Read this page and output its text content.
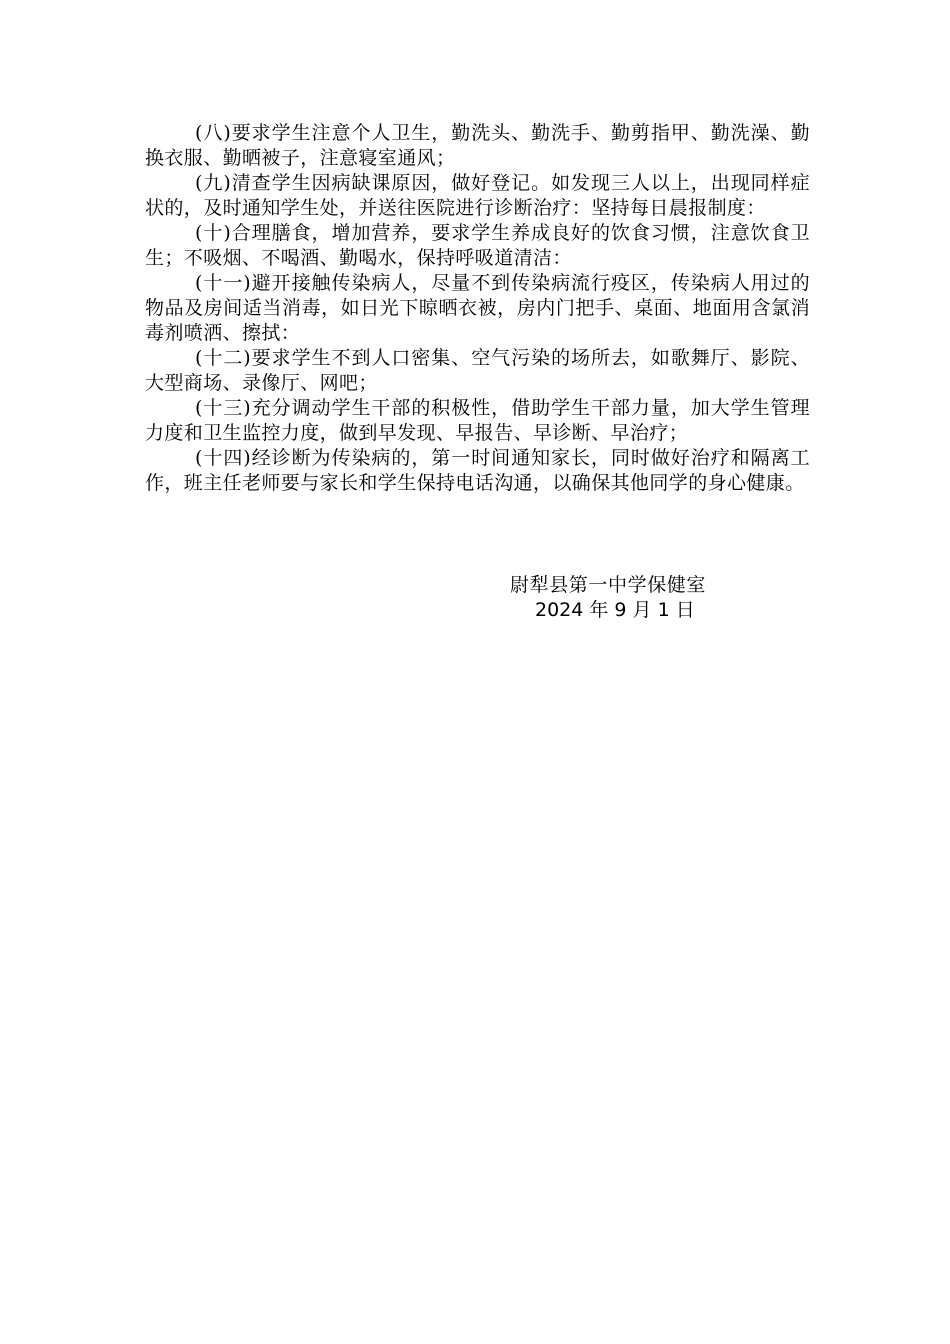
(八)要求学生注意个人卫生，勤洗头、勤洗手、勤剪指甲、勤洗澡、勤换衣服、勤晒被子，注意寝室通风；

(九)清查学生因病缺课原因，做好登记。如发现三人以上，出现同样症状的，及时通知学生处，并送往医院进行诊断治疗：坚持每日晨报制度：

(十)合理膳食，增加营养，要求学生养成良好的饮食习惯，注意饮食卫生；不吸烟、不喝酒、勤喝水，保持呼吸道清洁：

(十一)避开接触传染病人，尽量不到传染病流行疫区，传染病人用过的物品及房间适当消毒，如日光下晾晒衣被，房内门把手、桌面、地面用含氯消毒剂喷洒、擦拭：

(十二)要求学生不到人口密集、空气污染的场所去，如歌舞厅、影院、大型商场、录像厅、网吧；

(十三)充分调动学生干部的积极性，借助学生干部力量，加大学生管理力度和卫生监控力度，做到早发现、早报告、早诊断、早治疗；

(十四)经诊断为传染病的，第一时间通知家长，同时做好治疗和隔离工作，班主任老师要与家长和学生保持电话沟通，以确保其他同学的身心健康。

尉犁县第一中学保健室
2024 年 9 月 1 日
